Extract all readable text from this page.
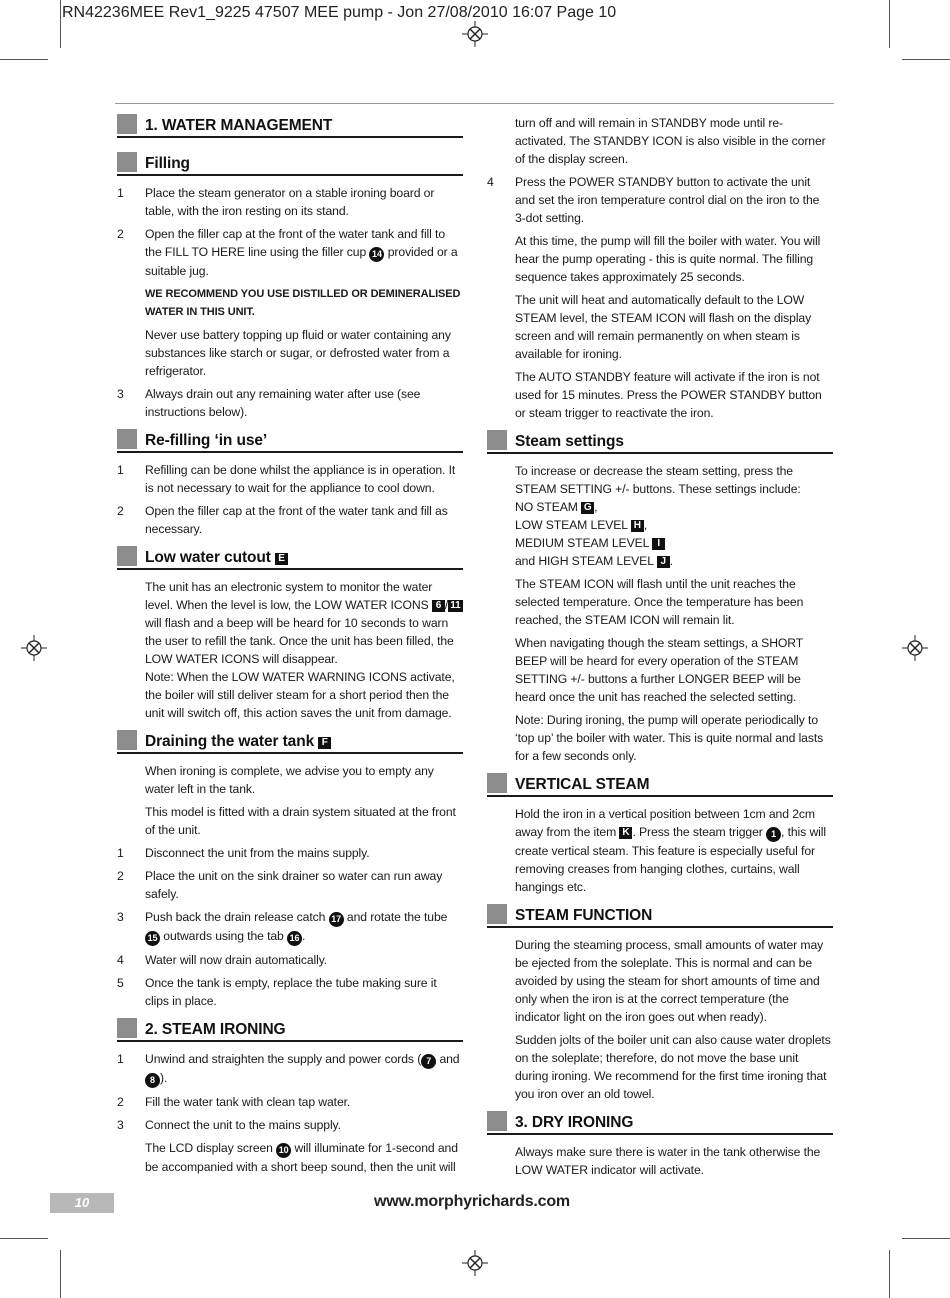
RN42236MEE Rev1_9225 47507 MEE pump - Jon 27/08/2010 16:07 Page 10
1. WATER MANAGEMENT
Filling
1	Place the steam generator on a stable ironing board or table, with the iron resting on its stand.
2	Open the filler cap at the front of the water tank and fill to the FILL TO HERE line using the filler cup 14 provided or a suitable jug.
WE RECOMMEND YOU USE DISTILLED OR DEMINERALISED WATER IN THIS UNIT.
Never use battery topping up fluid or water containing any substances like starch or sugar, or defrosted water from a refrigerator.
3	Always drain out any remaining water after use (see instructions below).
Re-filling ‘in use’
1	Refilling can be done whilst the appliance is in operation. It is not necessary to wait for the appliance to cool down.
2	Open the filler cap at the front of the water tank and fill as necessary.
Low water cutout E
The unit has an electronic system to monitor the water level. When the level is low, the LOW WATER ICONS 6 / 11 will flash and a beep will be heard for 10 seconds to warn the user to refill the tank. Once the unit has been filled, the LOW WATER ICONS will disappear.
Note: When the LOW WATER WARNING ICONS activate, the boiler will still deliver steam for a short period then the unit will switch off, this action saves the unit from damage.
Draining the water tank F
When ironing is complete, we advise you to empty any water left in the tank.
This model is fitted with a drain system situated at the front of the unit.
1	Disconnect the unit from the mains supply.
2	Place the unit on the sink drainer so water can run away safely.
3	Push back the drain release catch 17 and rotate the tube 15 outwards using the tab 16 .
4	Water will now drain automatically.
5	Once the tank is empty, replace the tube making sure it clips in place.
2. STEAM IRONING
1	Unwind and straighten the supply and power cords ( 7 and 8 ).
2	Fill the water tank with clean tap water.
3	Connect the unit to the mains supply.
The LCD display screen 10 will illuminate for 1-second and be accompanied with a short beep sound, then the unit will
turn off and will remain in STANDBY mode until re-activated. The STANDBY ICON is also visible in the corner of the display screen.
4	Press the POWER STANDBY button to activate the unit and set the iron temperature control dial on the iron to the 3-dot setting.
At this time, the pump will fill the boiler with water. You will hear the pump operating - this is quite normal. The filling sequence takes approximately 25 seconds.
The unit will heat and automatically default to the LOW STEAM level, the STEAM ICON will flash on the display screen and will remain permanently on when steam is available for ironing.
The AUTO STANDBY feature will activate if the iron is not used for 15 minutes. Press the POWER STANDBY button or steam trigger to reactivate the iron.
Steam settings
To increase or decrease the steam setting, press the STEAM SETTING +/- buttons. These settings include:
NO STEAM G ,
LOW STEAM LEVEL H ,
MEDIUM STEAM LEVEL I
and HIGH STEAM LEVEL J .
The STEAM ICON will flash until the unit reaches the selected temperature. Once the temperature has been reached, the STEAM ICON will remain lit.
When navigating though the steam settings, a SHORT BEEP will be heard for every operation of the STEAM SETTING +/- buttons a further LONGER BEEP will be heard once the unit has reached the selected setting.
Note: During ironing, the pump will operate periodically to ‘top up’ the boiler with water. This is quite normal and lasts for a few seconds only.
VERTICAL STEAM
Hold the iron in a vertical position between 1cm and 2cm away from the item K . Press the steam trigger 1 , this will create vertical steam. This feature is especially useful for removing creases from hanging clothes, curtains, wall hangings etc.
STEAM FUNCTION
During the steaming process, small amounts of water may be ejected from the soleplate. This is normal and can be avoided by using the steam for short amounts of time and only when the iron is at the correct temperature (the indicator light on the iron goes out when ready).
Sudden jolts of the boiler unit can also cause water droplets on the soleplate; therefore, do not move the base unit during ironing. We recommend for the first time ironing that you iron over an old towel.
3. DRY IRONING
Always make sure there is water in the tank otherwise the LOW WATER indicator will activate.
10	www.morphyrichards.com
